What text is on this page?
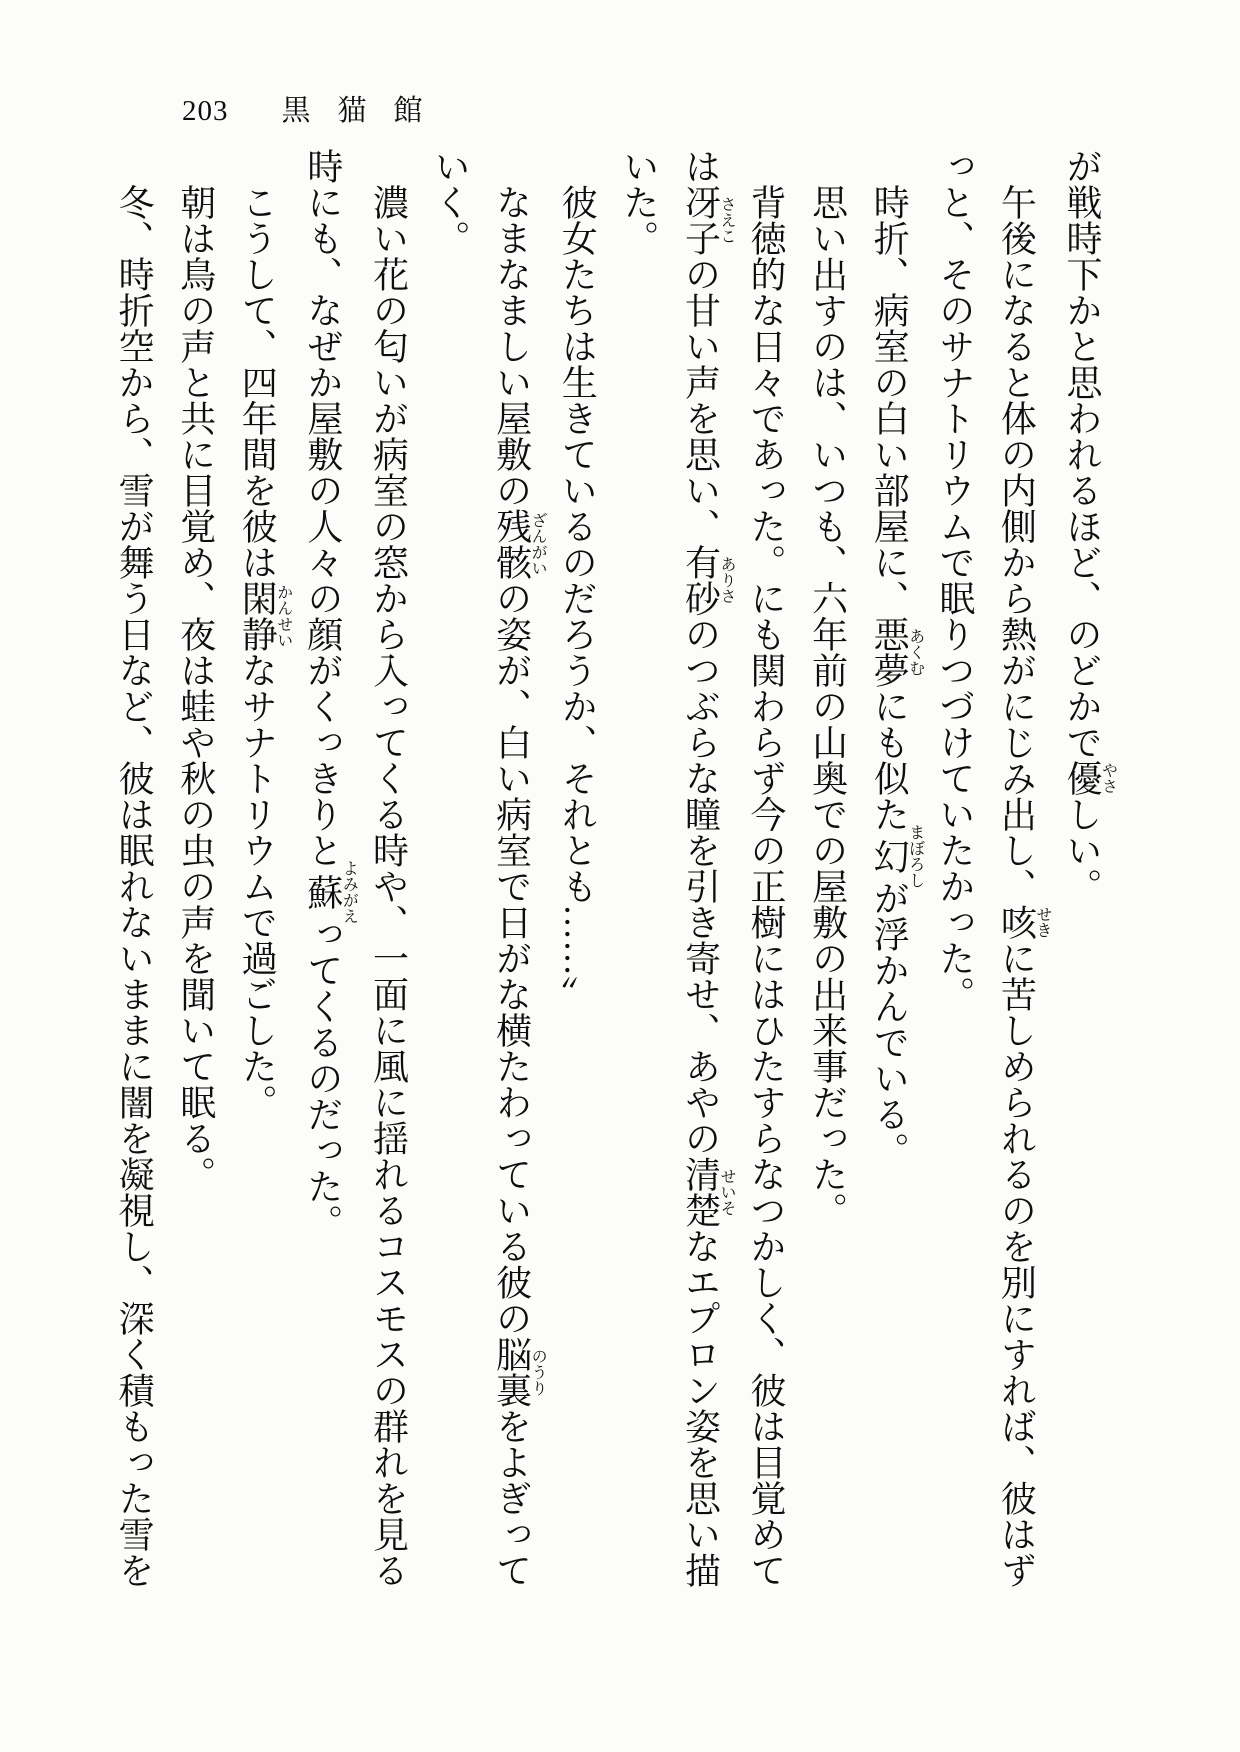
203 黒猫館
が戦時下かと思われるほど、のどかで優やさしい。
午後になると体の内側から熱がにじみ出し、咳せきに苦しめられるのを別にすれば、彼はず
っと、そのサナトリウムで眠りつづけていたかった。
時折、病室の白い部屋に、悪夢あくむにも似た幻まぼろしが浮かんでいる。
思い出すのは、いつも、六年前の山奥での屋敷の出来事だった。
背徳的な日々であった。にも関わらず今の正樹にはひたすらなつかしく、彼は目覚めて
は冴子さえこの甘い声を思い、有砂ありさのつぶらな瞳を引き寄せ、あやの清楚せいそなエプロン姿を思い描
いた。
彼女たちは生きているのだろうか、それとも……〟
なまなましい屋敷の残骸ざんがいの姿が、白い病室で日がな横たわっている彼の脳裏のうりをよぎって
いく。
濃い花の匂いが病室の窓から入ってくる時や、一面に風に揺れるコスモスの群れを見る
時にも、なぜか屋敷の人々の顔がくっきりと蘇よみがえってくるのだった。
こうして、四年間を彼は閑静かんせいなサナトリウムで過ごした。
朝は鳥の声と共に目覚め、夜は蛙や秋の虫の声を聞いて眠る。
冬、時折空から、雪が舞う日など、彼は眠れないままに闇を凝視し、深く積もった雪を
